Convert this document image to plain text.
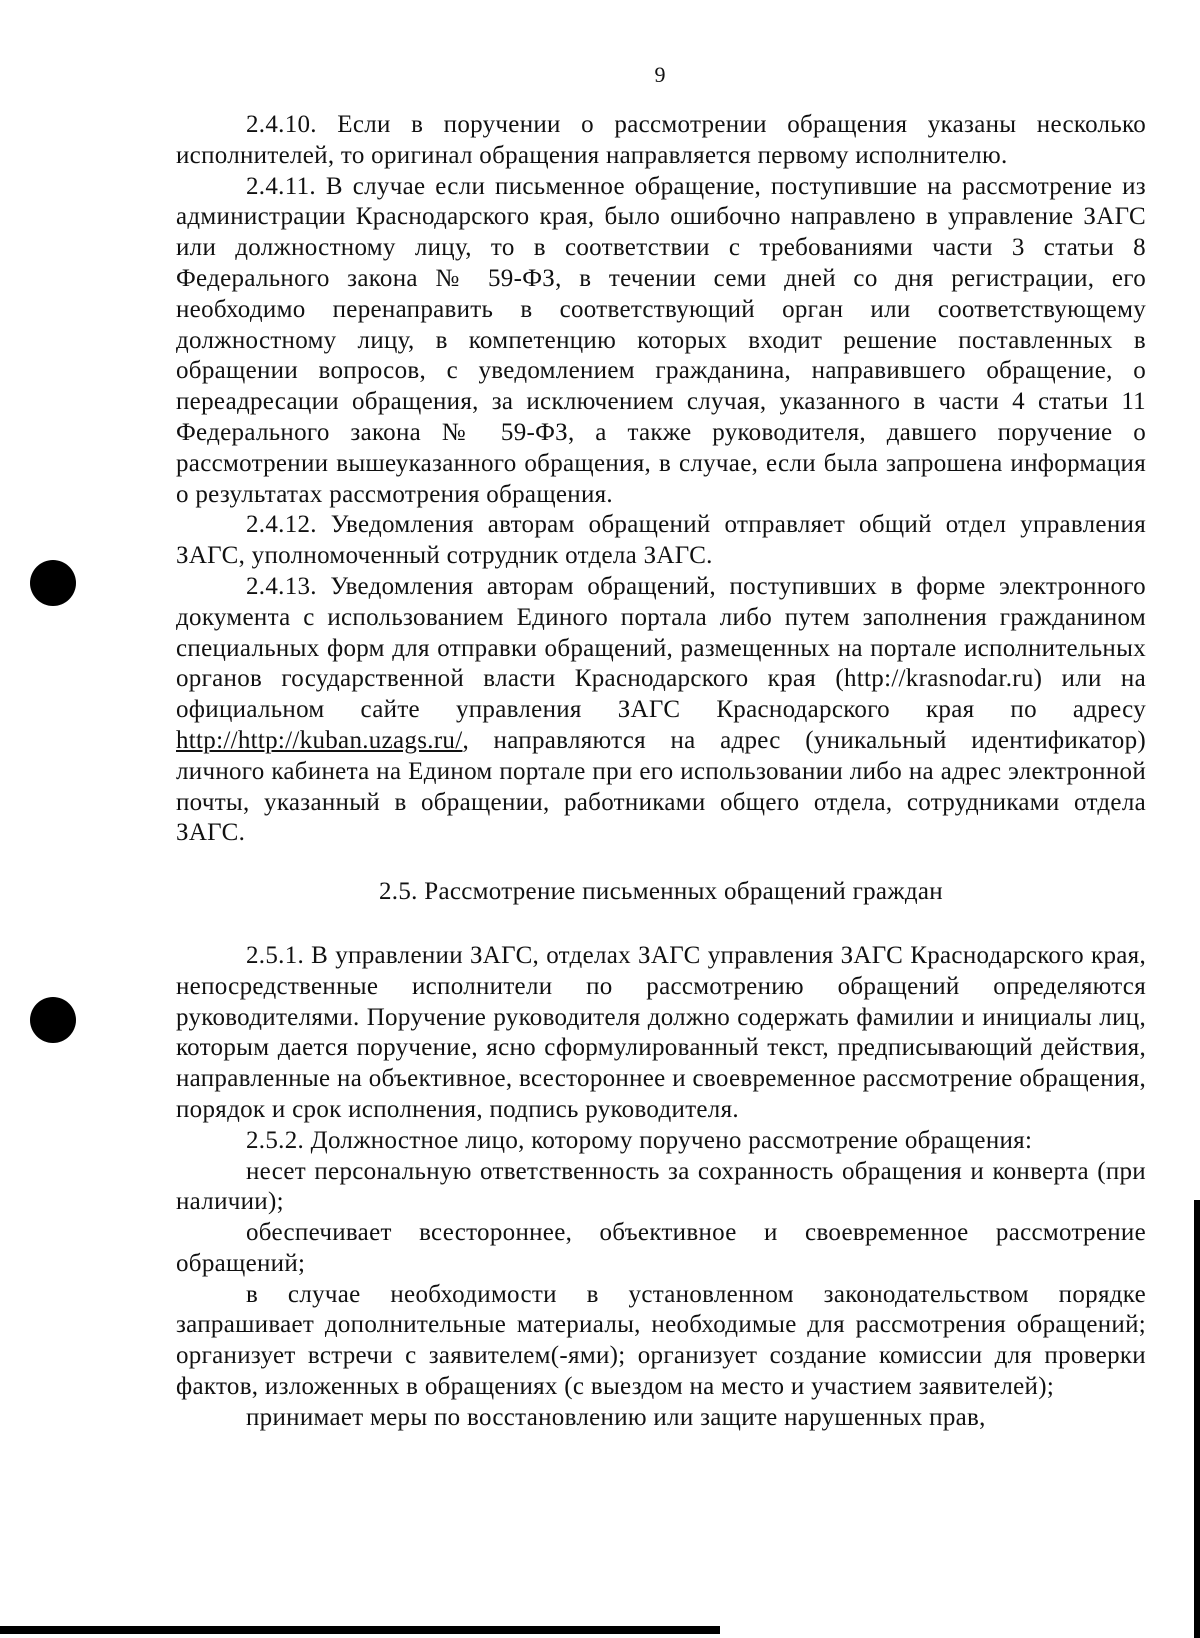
9

2.4.10. Если в поручении о рассмотрении обращения указаны несколько исполнителей, то оригинал обращения направляется первому исполнителю.

2.4.11. В случае если письменное обращение, поступившие на рассмотрение из администрации Краснодарского края, было ошибочно направлено в управление ЗАГС или должностному лицу, то в соответствии с требованиями части 3 статьи 8 Федерального закона № 59-ФЗ, в течении семи дней со дня регистрации, его необходимо перенаправить в соответствующий орган или соответствующему должностному лицу, в компетенцию которых входит решение поставленных в обращении вопросов, с уведомлением гражданина, направившего обращение, о переадресации обращения, за исключением случая, указанного в части 4 статьи 11 Федерального закона № 59-ФЗ, а также руководителя, давшего поручение о рассмотрении вышеуказанного обращения, в случае, если была запрошена информация о результатах рассмотрения обращения.

2.4.12. Уведомления авторам обращений отправляет общий отдел управления ЗАГС, уполномоченный сотрудник отдела ЗАГС.

2.4.13. Уведомления авторам обращений, поступивших в форме электронного документа с использованием Единого портала либо путем заполнения гражданином специальных форм для отправки обращений, размещенных на портале исполнительных органов государственной власти Краснодарского края (http://krasnodar.ru) или на официальном сайте управления ЗАГС Краснодарского края по адресу http://http://kuban.uzags.ru/, направляются на адрес (уникальный идентификатор) личного кабинета на Едином портале при его использовании либо на адрес электронной почты, указанный в обращении, работниками общего отдела, сотрудниками отдела ЗАГС.

2.5. Рассмотрение письменных обращений граждан

2.5.1. В управлении ЗАГС, отделах ЗАГС управления ЗАГС Краснодарского края, непосредственные исполнители по рассмотрению обращений определяются руководителями. Поручение руководителя должно содержать фамилии и инициалы лиц, которым дается поручение, ясно сформулированный текст, предписывающий действия, направленные на объективное, всестороннее и своевременное рассмотрение обращения, порядок и срок исполнения, подпись руководителя.

2.5.2. Должностное лицо, которому поручено рассмотрение обращения:

несет персональную ответственность за сохранность обращения и конверта (при наличии);

обеспечивает всестороннее, объективное и своевременное рассмотрение обращений;

в случае необходимости в установленном законодательством порядке запрашивает дополнительные материалы, необходимые для рассмотрения обращений; организует встречи с заявителем(-ями); организует создание комиссии для проверки фактов, изложенных в обращениях (с выездом на место и участием заявителей);

принимает меры по восстановлению или защите нарушенных прав,
